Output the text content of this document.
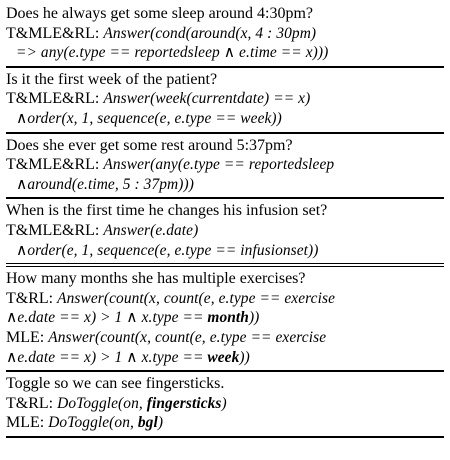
Does he always get some sleep around 4:30pm?
T&MLE&RL: Answer(cond(around(x, 4 : 30pm)
=> any(e.type == reportedsleep ∧ e.time == x)))
Is it the first week of the patient?
T&MLE&RL: Answer(week(currentdate) == x)
∧order(x, 1, sequence(e, e.type == week))
Does she ever get some rest around 5:37pm?
T&MLE&RL: Answer(any(e.type == reportedsleep
∧around(e.time, 5 : 37pm)))
When is the first time he changes his infusion set?
T&MLE&RL: Answer(e.date)
∧order(e, 1, sequence(e, e.type == infusionset))
How many months she has multiple exercises?
T&RL: Answer(count(x, count(e, e.type == exercise
∧e.date == x) > 1 ∧ x.type == month))
MLE: Answer(count(x, count(e, e.type == exercise
∧e.date == x) > 1 ∧ x.type == week))
Toggle so we can see fingersticks.
T&RL: DoToggle(on, fingersticks)
MLE: DoToggle(on, bgl)
